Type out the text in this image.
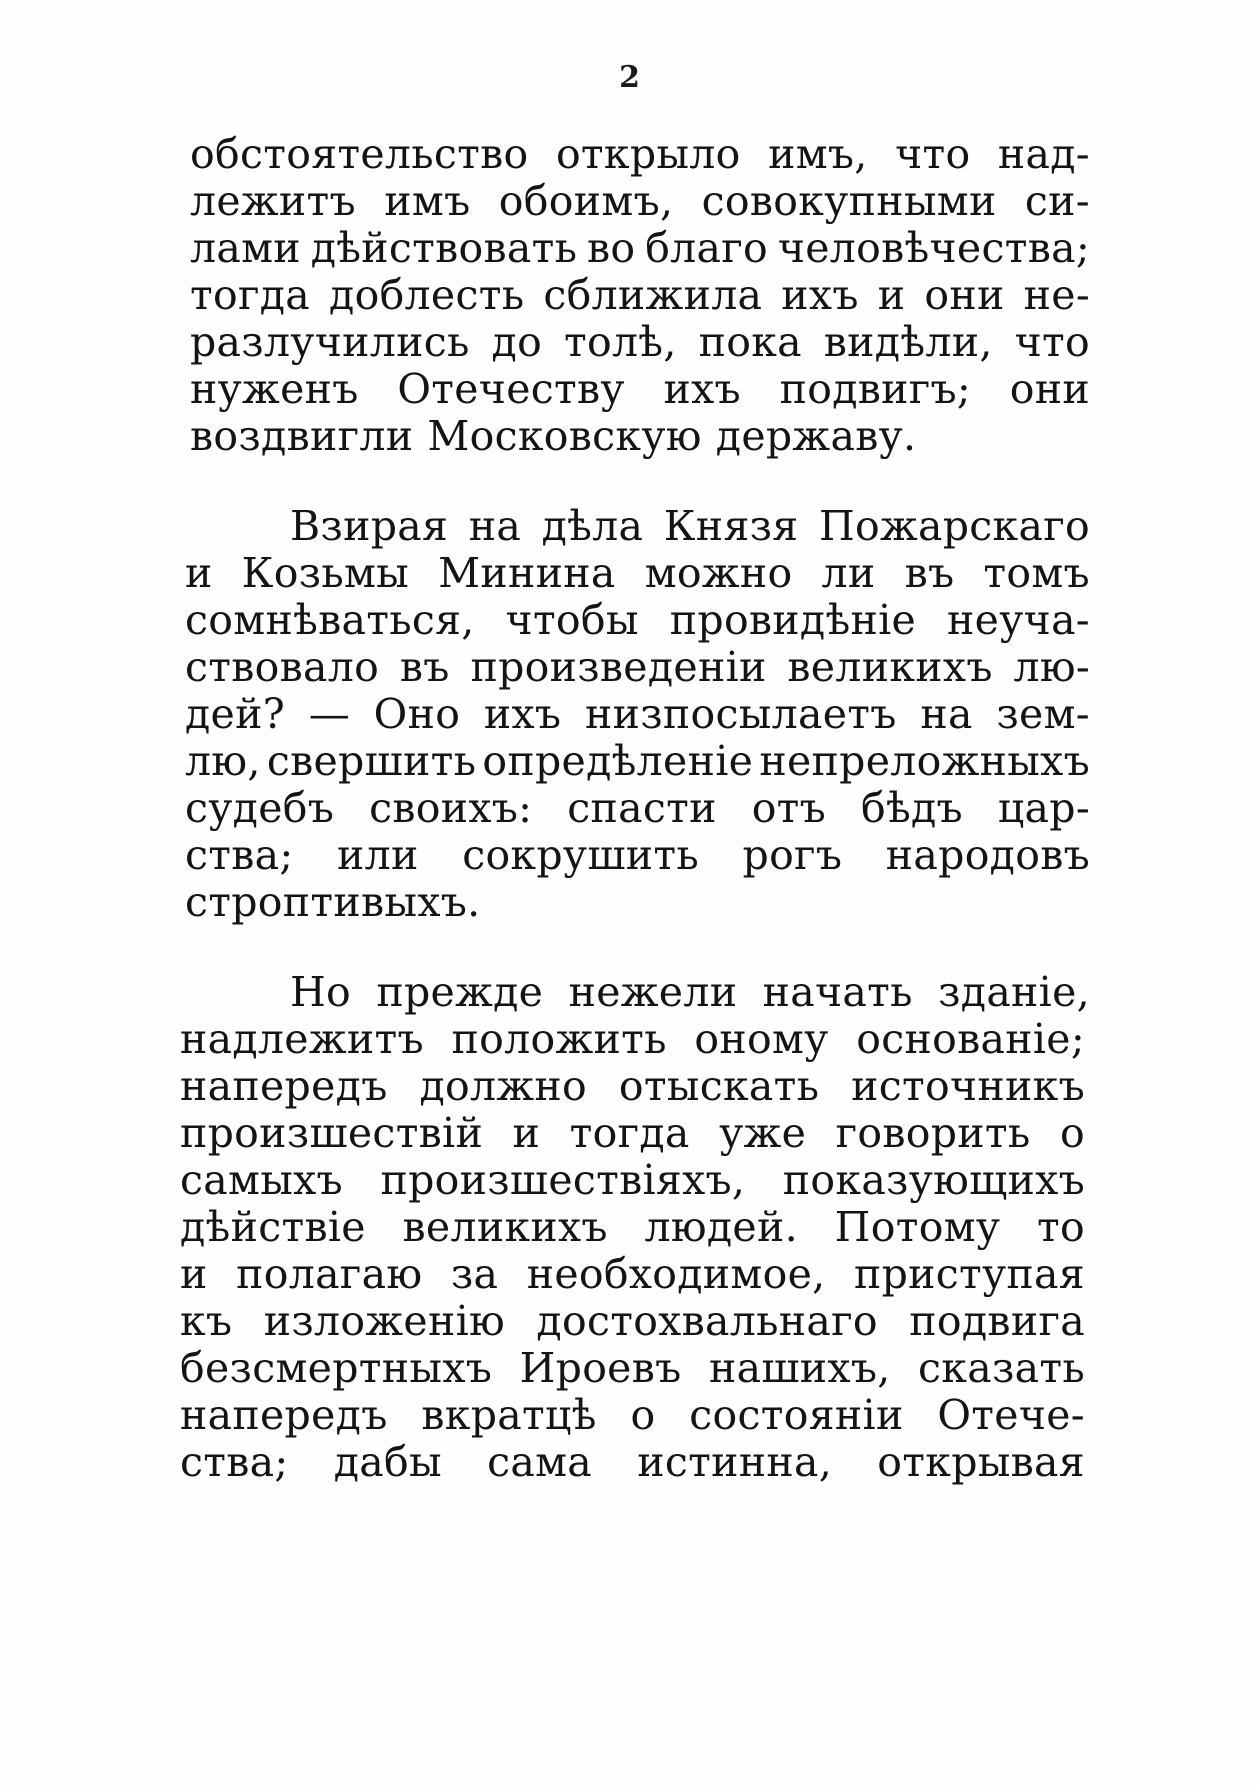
2
обстоятельство открыло имъ, что над-
лежитъ имъ обоимъ, совокупными си-
лами дѣйствовать во благо человѣчества;
тогда доблесть сближила ихъ и они не-
разлучились до толѣ, пока видѣли, что
нуженъ Отечеству ихъ подвигъ; они
воздвигли Московскую державу.
Взирая на дѣла Князя Пожарскаго
и Козьмы Минина можно ли въ томъ
сомнѣваться, чтобы провидѣніе неуча-
ствовало въ произведеніи великихъ лю-
дей? — Оно ихъ низпосылаетъ на зем-
лю, свершить опредѣленіе непреложныхъ
судебъ своихъ: спасти отъ бѣдъ цар-
ства; или сокрушить рогъ народовъ
строптивыхъ.
Но прежде нежели начать зданіе,
надлежитъ положить оному основаніе;
напередъ должно отыскать источникъ
произшествій и тогда уже говорить о
самыхъ произшествіяхъ, показующихъ
дѣйствіе великихъ людей. Потому то
и полагаю за необходимое, приступая
къ изложенію достохвальнаго подвига
безсмертныхъ Ироевъ нашихъ, сказать
напередъ вкратцѣ о состояніи Отече-
ства; дабы сама истинна, открывая
